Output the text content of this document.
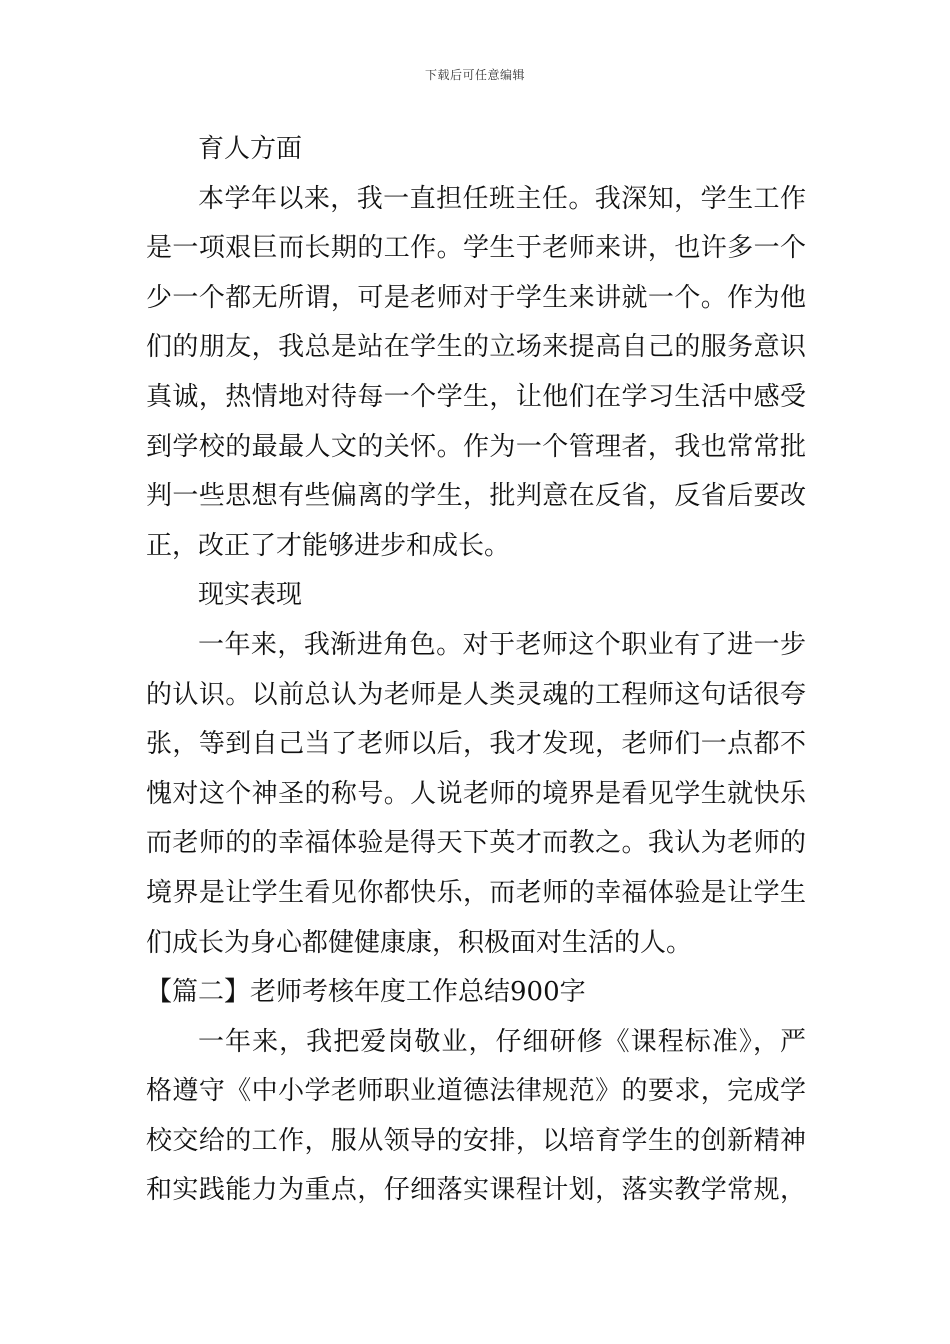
下载后可任意编辑
育人方面
本学年以来，我一直担任班主任。我深知，学生工作
是一项艰巨而长期的工作。学生于老师来讲，也许多一个
少一个都无所谓，可是老师对于学生来讲就一个。作为他
们的朋友，我总是站在学生的立场来提高自己的服务意识
真诚，热情地对待每一个学生，让他们在学习生活中感受
到学校的最最人文的关怀。作为一个管理者，我也常常批
判一些思想有些偏离的学生，批判意在反省，反省后要改
正，改正了才能够进步和成长。
现实表现
一年来，我渐进角色。对于老师这个职业有了进一步
的认识。以前总认为老师是人类灵魂的工程师这句话很夸
张，等到自己当了老师以后，我才发现，老师们一点都不
愧对这个神圣的称号。人说老师的境界是看见学生就快乐
而老师的的幸福体验是得天下英才而教之。我认为老师的
境界是让学生看见你都快乐，而老师的幸福体验是让学生
们成长为身心都健健康康，积极面对生活的人。
【篇二】老师考核年度工作总结900字
一年来，我把爱岗敬业，仔细研修《课程标准》，严
格遵守《中小学老师职业道德法律规范》的要求，完成学
校交给的工作，服从领导的安排，以培育学生的创新精神
和实践能力为重点，仔细落实课程计划，落实教学常规，
